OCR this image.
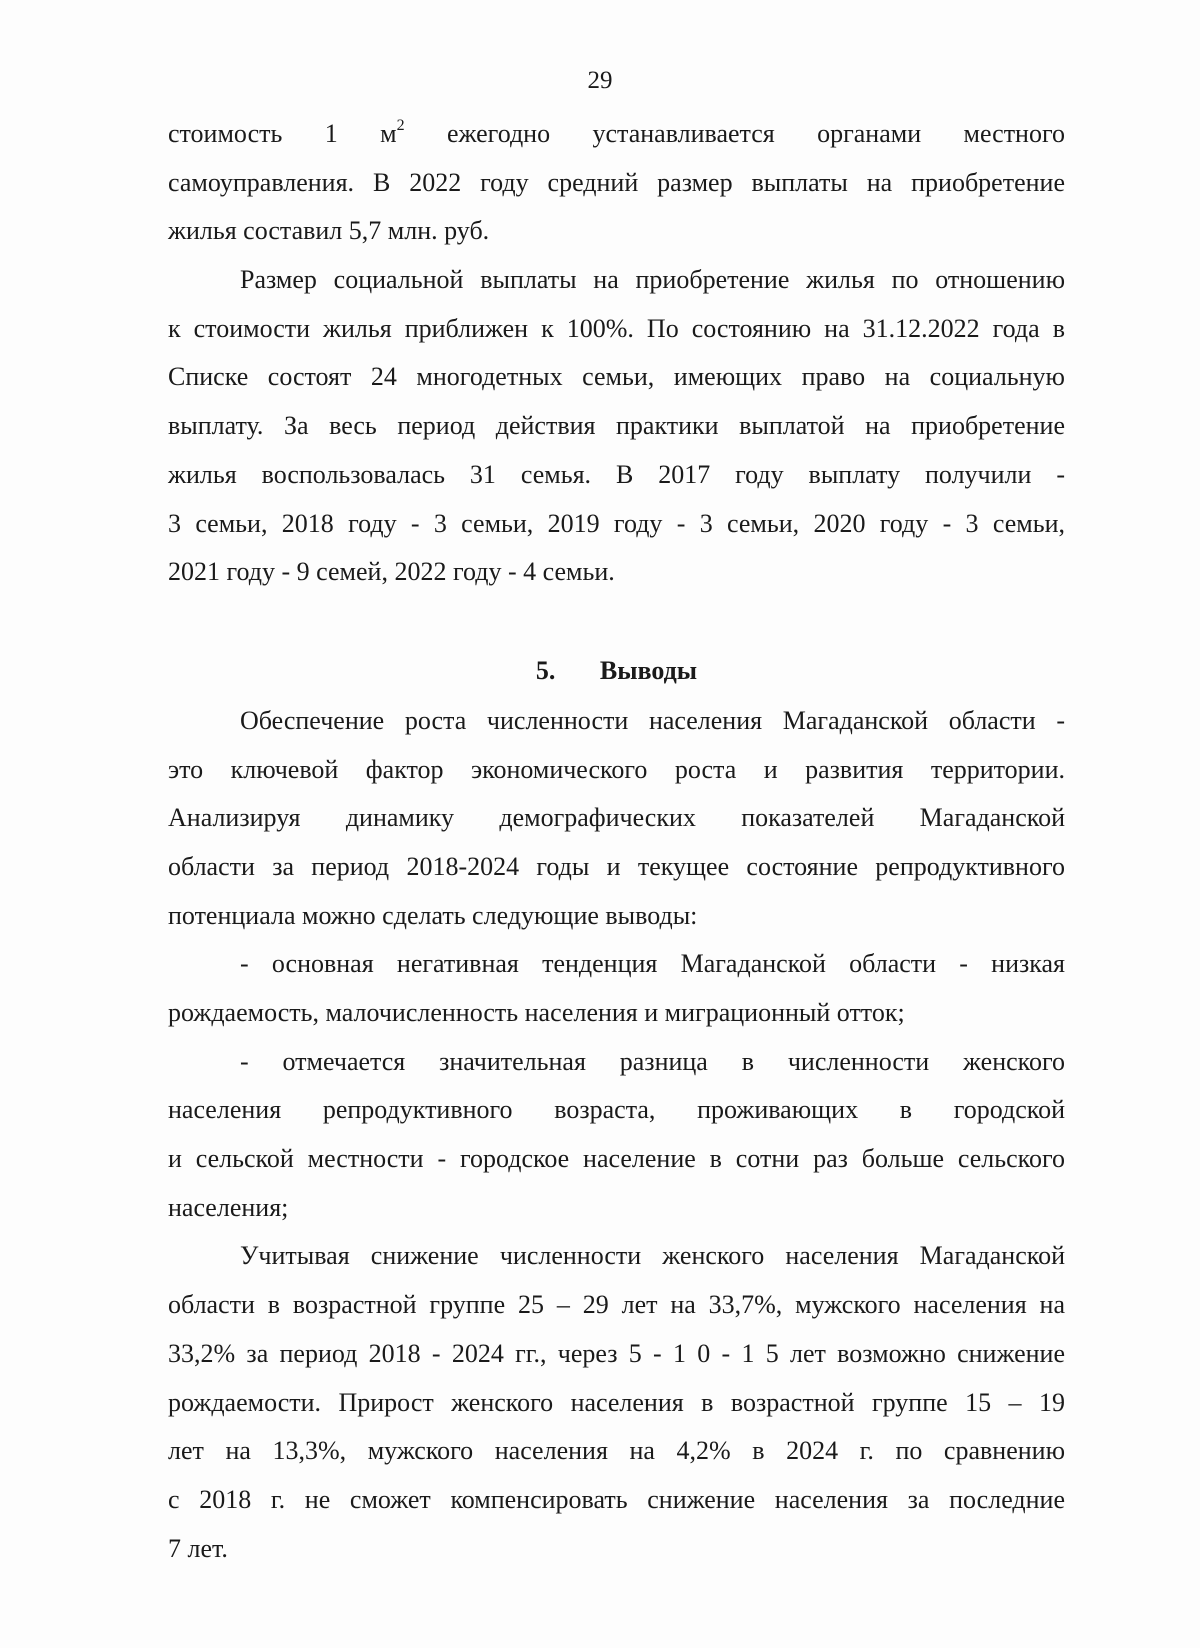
29
стоимость 1 $м^2$ ежегодно устанавливается органами местного
самоуправления. В 2022 году средний размер выплаты на приобретение
жилья составил 5,7 млн. руб.
Размер социальной выплаты на приобретение жилья по отношению
к стоимости жилья приближен к 100%. По состоянию на 31.12.2022 года в
Списке состоят 24 многодетных семьи, имеющих право на социальную
выплату. За весь период действия практики выплатой на приобретение
жилья воспользовалась 31 семья. В 2017 году выплату получили -
3 семьи, 2018 году - 3 семьи, 2019 году - 3 семьи, 2020 году - 3 семьи,
2021 году - 9 семей, 2022 году - 4 семьи.
5. Выводы
Обеспечение роста численности населения Магаданской области -
это ключевой фактор экономического роста и развития территории.
Анализируя динамику демографических показателей Магаданской
области за период 2018-2024 годы и текущее состояние репродуктивного
потенциала можно сделать следующие выводы:
- основная негативная тенденция Магаданской области - низкая
рождаемость, малочисленность населения и миграционный отток;
- отмечается значительная разница в численности женского
населения репродуктивного возраста, проживающих в городской
и сельской местности - городское население в сотни раз больше сельского
населения;
Учитывая снижение численности женского населения Магаданской
области в возрастной группе 25 – 29 лет на 33,7%, мужского населения на
33,2% за период 2018 - 2024 гг., через 5 - 1 0 - 1 5 лет возможно снижение
рождаемости. Прирост женского населения в возрастной группе 15 – 19
лет на 13,3%, мужского населения на 4,2% в 2024 г. по сравнению
с 2018 г. не сможет компенсировать снижение населения за последние
7 лет.
